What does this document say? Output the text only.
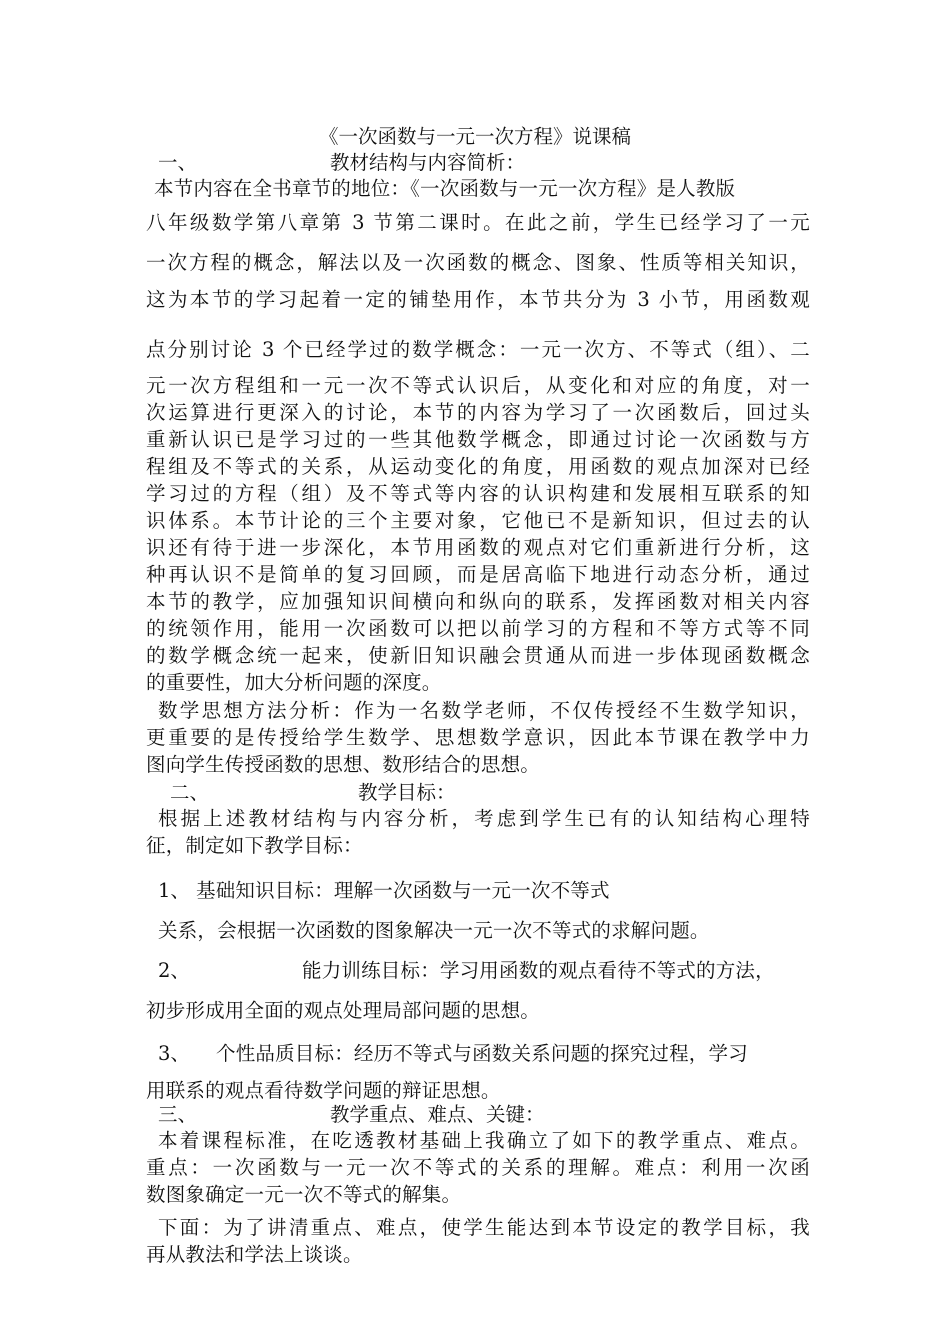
《一次函数与一元一次方程》说课稿
一、	教材结构与内容简析：
本节内容在全书章节的地位：《一次函数与一元一次方程》是人教版
八年级数学第八章第 3 节第二课时。在此之前，学生已经学习了一元
一次方程的概念，解法以及一次函数的概念、图象、性质等相关知识，
这为本节的学习起着一定的铺垫用作，本节共分为 3 小节，用函数观
点分别讨论 3 个已经学过的数学概念：一元一次方、不等式（组）、二
元一次方程组和一元一次不等式认识后，从变化和对应的角度，对一
次运算进行更深入的讨论，本节的内容为学习了一次函数后，回过头
重新认识已是学习过的一些其他数学概念，即通过讨论一次函数与方
程组及不等式的关系，从运动变化的角度，用函数的观点加深对已经
学习过的方程（组）及不等式等内容的认识构建和发展相互联系的知
识体系。本节计论的三个主要对象，它他已不是新知识，但过去的认
识还有待于进一步深化，本节用函数的观点对它们重新进行分析，这
种再认识不是简单的复习回顾，而是居高临下地进行动态分析，通过
本节的教学，应加强知识间横向和纵向的联系，发挥函数对相关内容
的统领作用，能用一次函数可以把以前学习的方程和不等方式等不同
的数学概念统一起来，使新旧知识融会贯通从而进一步体现函数概念
的重要性，加大分析问题的深度。
数学思想方法分析：作为一名数学老师，不仅传授经不生数学知识，
更重要的是传授给学生数学、思想数学意识，因此本节课在教学中力
图向学生传授函数的思想、数形结合的思想。
二、	教学目标：
根据上述教材结构与内容分析，考虑到学生已有的认知结构心理特
征，制定如下教学目标：
1、 基础知识目标：理解一次函数与一元一次不等式
关系，会根据一次函数的图象解决一元一次不等式的求解问题。
2、	能力训练目标：学习用函数的观点看待不等式的方法，
初步形成用全面的观点处理局部问题的思想。
3、 个性品质目标：经历不等式与函数关系问题的探究过程，学习
用联系的观点看待数学问题的辩证思想。
三、	教学重点、难点、关键：
本着课程标准，在吃透教材基础上我确立了如下的教学重点、难点。
重点：一次函数与一元一次不等式的关系的理解。难点：利用一次函
数图象确定一元一次不等式的解集。
下面：为了讲清重点、难点，使学生能达到本节设定的教学目标，我
再从教法和学法上谈谈。
